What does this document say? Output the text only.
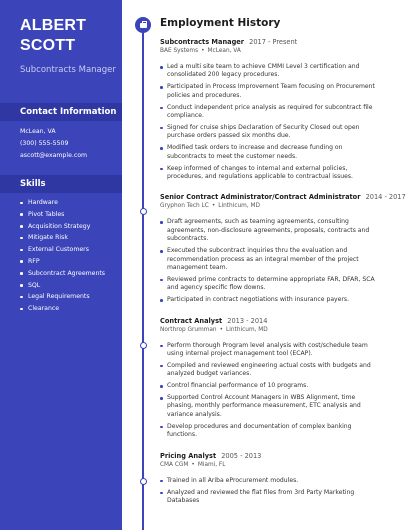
ALBERT
SCOTT
Subcontracts Manager
Contact Information
McLean, VA
(300) 555-5509
ascott@example.com
Skills
Hardware
Pivot Tables
Acquisition Strategy
Mitigate Risk
External Customers
RFP
Subcontract Agreements
SQL
Legal Requirements
Clearance
Employment History
Subcontracts Manager 2017 - Present
BAE Systems • McLean, VA
Led a multi site team to achieve CMMI Level 3 certification and consolidated 200 legacy procedures.
Participated in Process Improvement Team focusing on Procurement policies and procedures.
Conduct independent price analysis as required for subcontract file compliance.
Signed for cruise ships Declaration of Security Closed out open purchase orders passed six months due.
Modified task orders to increase and decrease funding on subcontracts to meet the customer needs.
Keep informed of changes to internal and external policies, procedures, and regulations applicable to contractual issues.
Senior Contract Administrator/Contract Administrator 2014 - 2017
Gryphon Tech LC • Linthicum, MD
Draft agreements, such as teaming agreements, consulting agreements, non-disclosure agreements, proposals, contracts and subcontracts.
Executed the subcontract inquiries thru the evaluation and recommendation process as an integral member of the project management team.
Reviewed prime contracts to determine appropriate FAR, DFAR, SCA and agency specific flow downs.
Participated in contract negotiations with insurance payers.
Contract Analyst 2013 - 2014
Northrop Grumman • Linthicum, MD
Perform thorough Program level analysis with cost/schedule team using internal project management tool (ECAP).
Compiled and reviewed engineering actual costs with budgets and analyzed budget variances.
Control financial performance of 10 programs.
Supported Control Account Managers in WBS Alignment, time phasing, monthly performance measurement, ETC analysis and variance analysis.
Develop procedures and documentation of complex banking functions.
Pricing Analyst 2005 - 2013
CMA CGM • Miami, FL
Trained in all Ariba eProcurement modules.
Analyzed and reviewed the flat files from 3rd Party Marketing Databases
